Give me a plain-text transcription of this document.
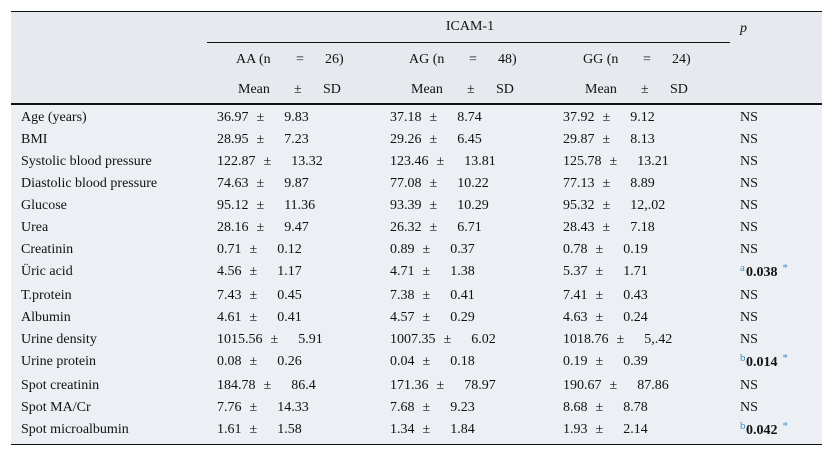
ICAM-1	p
AA (n = 26)	AG (n = 48)	GG (n = 24)
Mean ± SD	Mean ± SD	Mean ± SD
Age (years)	36.97 ± 9.83	37.18 ± 8.74	37.92 ± 9.12	NS
BMI	28.95 ± 7.23	29.26 ± 6.45	29.87 ± 8.13	NS
Systolic blood pressure	122.87 ± 13.32	123.46 ± 13.81	125.78 ± 13.21	NS
Diastolic blood pressure	74.63 ± 9.87	77.08 ± 10.22	77.13 ± 8.89	NS
Glucose	95.12 ± 11.36	93.39 ± 10.29	95.32 ± 12,.02	NS
Urea	28.16 ± 9.47	26.32 ± 6.71	28.43 ± 7.18	NS
Creatinin	0.71 ± 0.12	0.89 ± 0.37	0.78 ± 0.19	NS
Üric acid	4.56 ± 1.17	4.71 ± 1.38	5.37 ± 1.71	a 0.038 *
T.protein	7.43 ± 0.45	7.38 ± 0.41	7.41 ± 0.43	NS
Albumin	4.61 ± 0.41	4.57 ± 0.29	4.63 ± 0.24	NS
Urine density	1015.56 ± 5.91	1007.35 ± 6.02	1018.76 ± 5,.42	NS
Urine protein	0.08 ± 0.26	0.04 ± 0.18	0.19 ± 0.39	b 0.014 *
Spot creatinin	184.78 ± 86.4	171.36 ± 78.97	190.67 ± 87.86	NS
Spot MA/Cr	7.76 ± 14.33	7.68 ± 9.23	8.68 ± 8.78	NS
Spot microalbumin	1.61 ± 1.58	1.34 ± 1.84	1.93 ± 2.14	b 0.042 *
